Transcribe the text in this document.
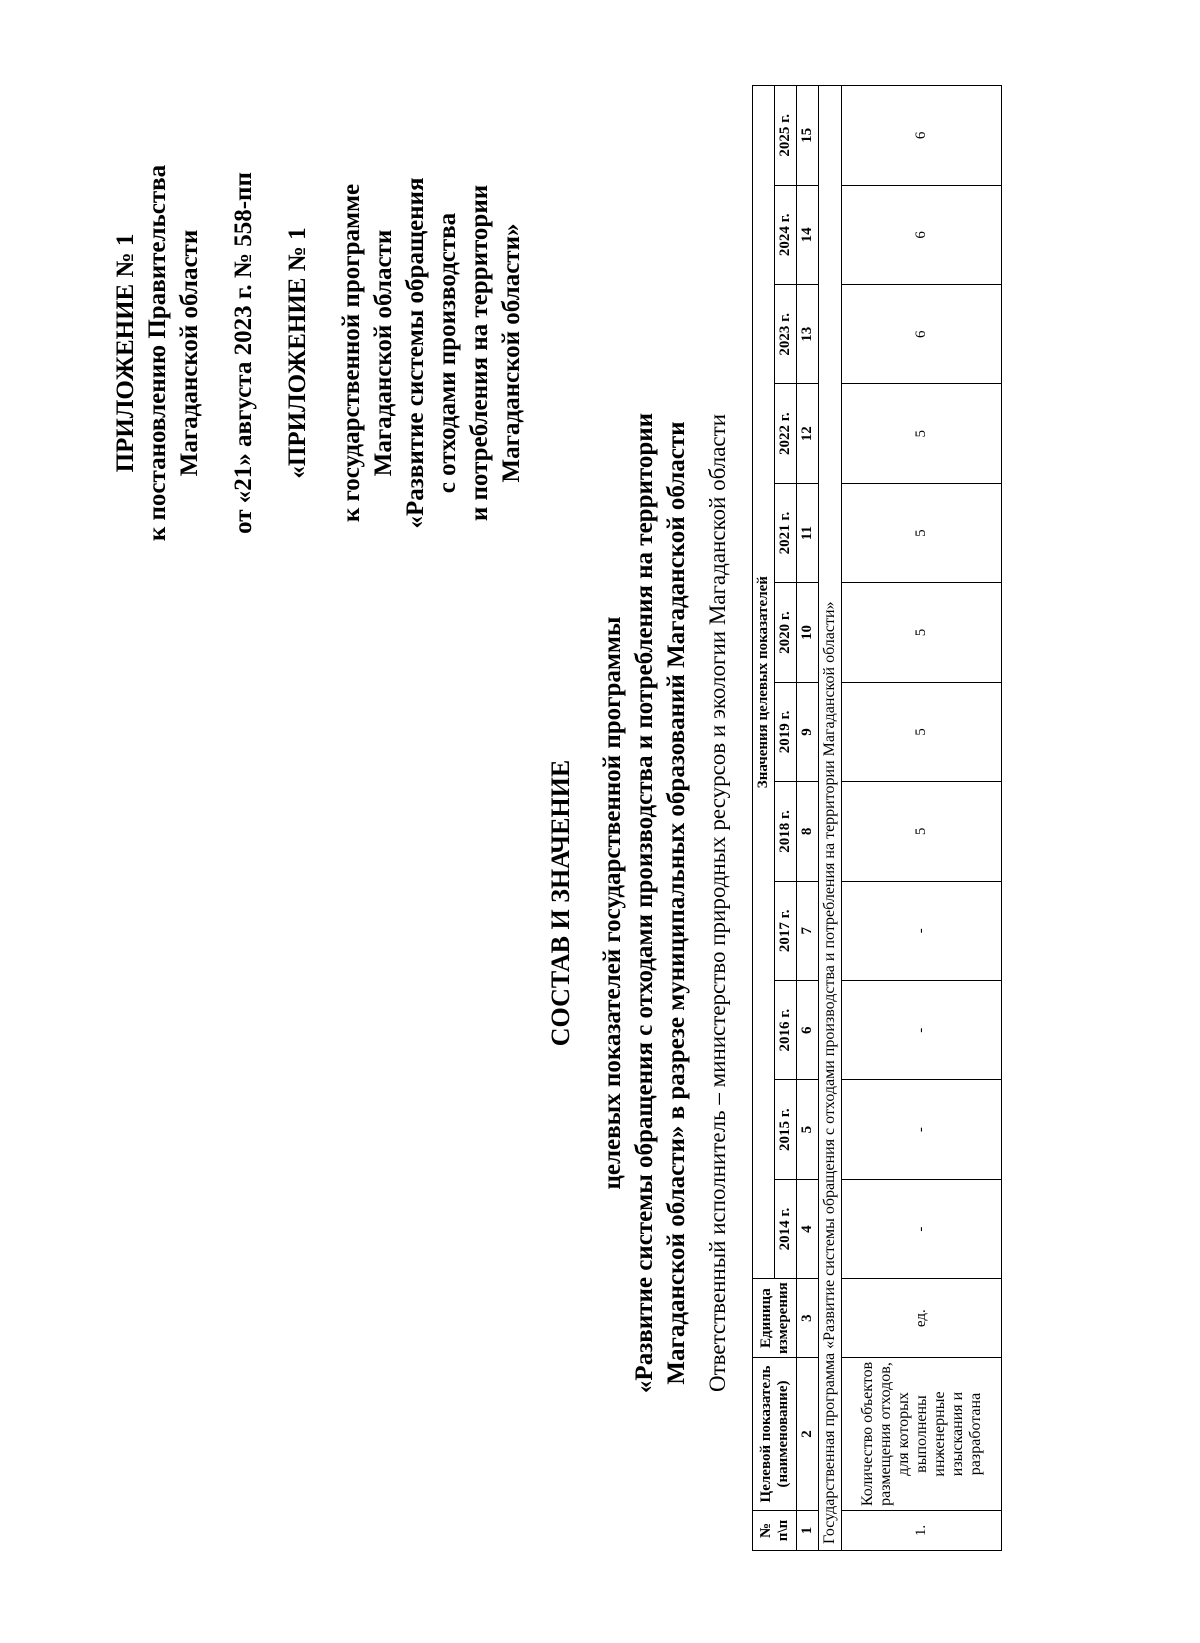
ПРИЛОЖЕНИЕ № 1 к постановлению Правительства Магаданской области от «21» августа 2023 г. № 558-пп «ПРИЛОЖЕНИЕ № 1 к государственной программе Магаданской области «Развитие системы обращения с отходами производства и потребления на территории Магаданской области»
СОСТАВ И ЗНАЧЕНИЕ целевых показателей государственной программы «Развитие системы обращения с отходами производства и потребления на территории Магаданской области» в разрезе муниципальных образований Магаданской области Ответственный исполнитель – министерство природных ресурсов и экологии Магаданской области
№ п\п	Целевой показатель (наименование)	Единица измерения	Значения целевых показателей											
			2014 г.	2015 г.	2016 г.	2017 г.	2018 г.	2019 г.	2020 г.	2021 г.	2022 г.	2023 г.	2024 г.	2025 г.
1	2	3	4	5	6	7	8	9	10	11	12	13	14	15
Государственная программа «Развитие системы обращения с отходами производства и потребления на территории Магаданской области»														
1.	Количество объектов размещения отходов, для которых выполнены инженерные изыскания и разработана	ед.	-	-	-	-	5	5	5	5	5	6	6	6
